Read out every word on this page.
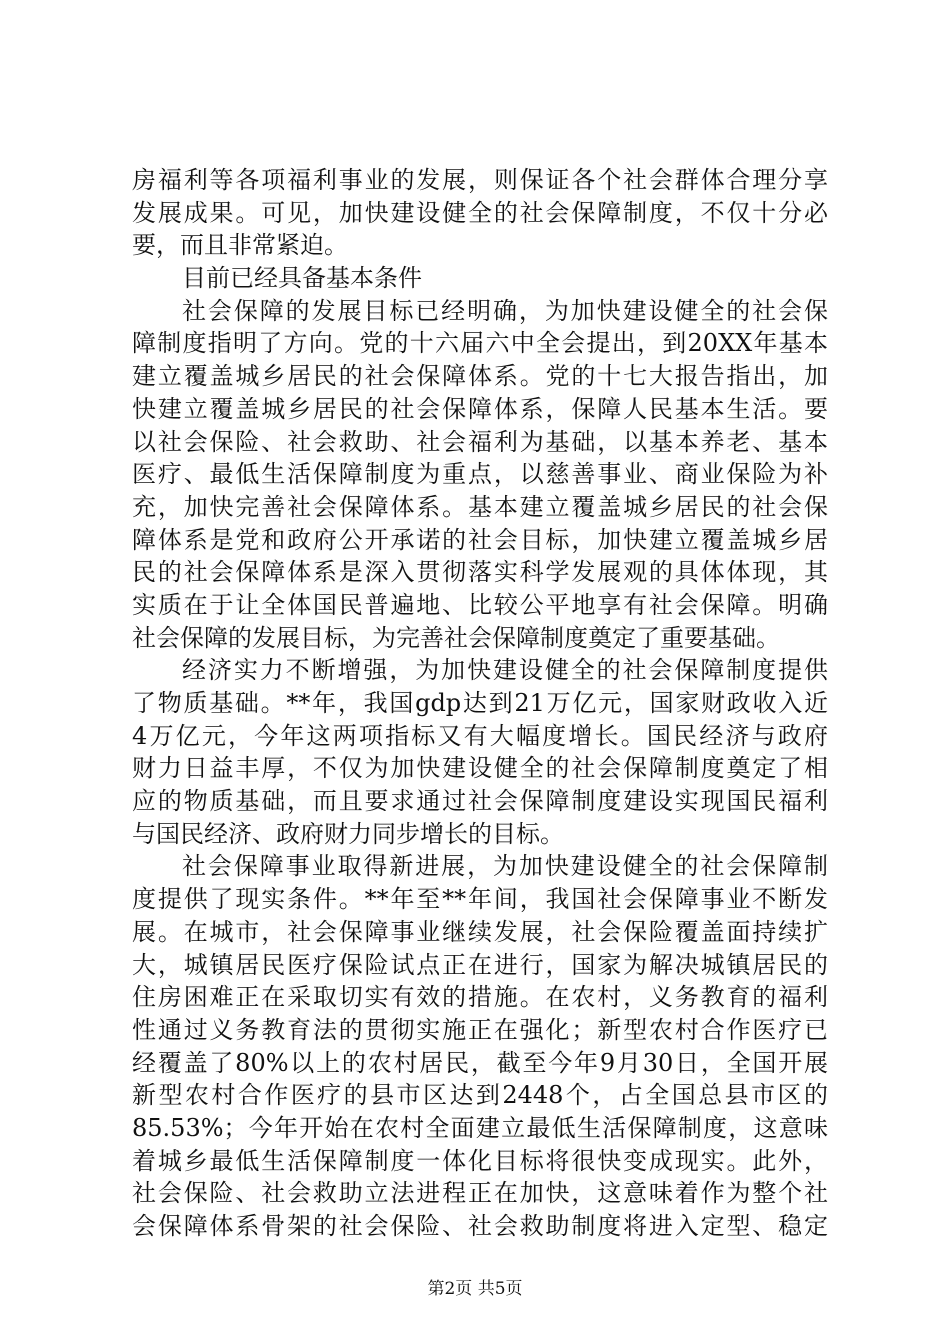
房福利等各项福利事业的发展，则保证各个社会群体合理分享
发展成果。可见，加快建设健全的社会保障制度，不仅十分必
要，而且非常紧迫。
目前已经具备基本条件
社会保障的发展目标已经明确，为加快建设健全的社会保
障制度指明了方向。党的十六届六中全会提出，到20XX年基本
建立覆盖城乡居民的社会保障体系。党的十七大报告指出，加
快建立覆盖城乡居民的社会保障体系，保障人民基本生活。要
以社会保险、社会救助、社会福利为基础，以基本养老、基本
医疗、最低生活保障制度为重点，以慈善事业、商业保险为补
充，加快完善社会保障体系。基本建立覆盖城乡居民的社会保
障体系是党和政府公开承诺的社会目标，加快建立覆盖城乡居
民的社会保障体系是深入贯彻落实科学发展观的具体体现，其
实质在于让全体国民普遍地、比较公平地享有社会保障。明确
社会保障的发展目标，为完善社会保障制度奠定了重要基础。
经济实力不断增强，为加快建设健全的社会保障制度提供
了物质基础。**年，我国gdp达到21万亿元，国家财政收入近
4万亿元，今年这两项指标又有大幅度增长。国民经济与政府
财力日益丰厚，不仅为加快建设健全的社会保障制度奠定了相
应的物质基础，而且要求通过社会保障制度建设实现国民福利
与国民经济、政府财力同步增长的目标。
社会保障事业取得新进展，为加快建设健全的社会保障制
度提供了现实条件。**年至**年间，我国社会保障事业不断发
展。在城市，社会保障事业继续发展，社会保险覆盖面持续扩
大，城镇居民医疗保险试点正在进行，国家为解决城镇居民的
住房困难正在采取切实有效的措施。在农村，义务教育的福利
性通过义务教育法的贯彻实施正在强化；新型农村合作医疗已
经覆盖了80%以上的农村居民，截至今年9月30日，全国开展
新型农村合作医疗的县市区达到2448个，占全国总县市区的
85.53%；今年开始在农村全面建立最低生活保障制度，这意味
着城乡最低生活保障制度一体化目标将很快变成现实。此外，
社会保险、社会救助立法进程正在加快，这意味着作为整个社
会保障体系骨架的社会保险、社会救助制度将进入定型、稳定
第2页 共5页
